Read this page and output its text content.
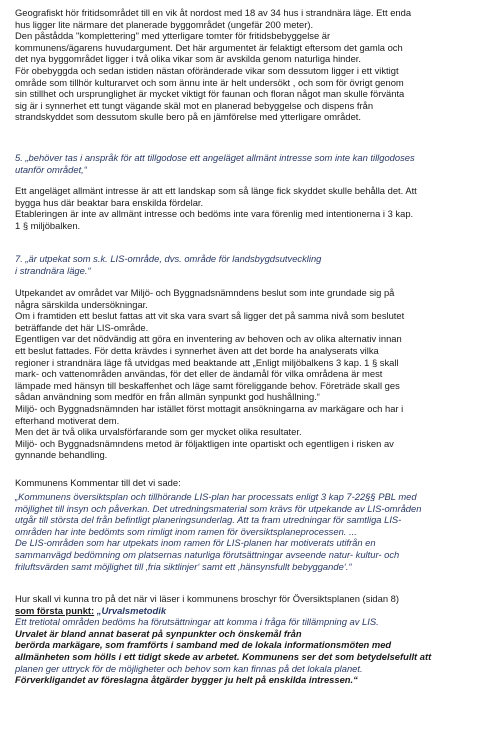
Geografiskt hör fritidsområdet till en vik åt nordost med 18 av 34 hus i strandnära läge. Ett enda
hus ligger lite närmare det planerade byggområdet (ungefär 200 meter).
Den påstådda "komplettering" med ytterligare tomter för fritidsbebyggelse är
kommunens/ägarens huvudargument. Det här argumentet är felaktigt eftersom det gamla och
det nya byggområdet ligger i två olika vikar som är avskilda genom naturliga hinder.
För obebyggda och sedan istiden nästan oföränderade vikar som dessutom ligger i ett viktigt
område som tillhör kulturarvet och som ännu inte är helt undersökt , och som för övrigt genom
sin stillhet och ursprunglighet är mycket viktigt för faunan och floran något man skulle förvänta
sig är i synnerhet ett tungt vägande skäl mot en planerad bebyggelse och dispens från
strandskyddet som dessutom skulle bero på en jämförelse med ytterligare området.
5. „behöver tas i anspråk för att tillgodose ett angeläget allmänt intresse som inte kan tillgodoses
utanför området,“
Ett angeläget allmänt intresse är att ett landskap som så länge fick skyddet skulle behålla det. Att
bygga hus där beaktar bara enskilda fördelar.
Etableringen är inte av allmänt intresse och bedöms inte vara förenlig med intentionerna i 3 kap.
1 § miljöbalken.
7. „är utpekat som s.k. LIS-område, dvs. område för landsbygdsutveckling
i strandnära läge.“
Utpekandet av området var Miljö- och Byggnadsnämndens beslut som inte grundade sig på
några särskilda undersökningar.
Om i framtiden ett beslut fattas att vit ska vara svart så ligger det på samma nivå som beslutet
beträffande det här LIS-område.
Egentligen var det nödvändig att göra en inventering av behoven och av olika alternativ innan
ett beslut fattades. För detta krävdes i synnerhet även att det borde ha analyserats vilka
regioner i strandnära läge få utvidgas med beaktande att „Enligt miljöbalkens 3 kap. 1 § skall
mark- och vattenområden användas, för det eller de ändamål för vilka områdena är mest
lämpade med hänsyn till beskaffenhet och läge samt föreliggande behov. Företräde skall ges
sådan användning som medför en från allmän synpunkt god hushållning.“
Miljö- och Byggnadsnämnden har istället först mottagit ansökningarna av markägare och har i
efterhand motiverat dem.
Men det är två olika urvalsförfarande som ger mycket olika resultater.
Miljö- och Byggnadsnämndens metod är följaktligen inte opartiskt och egentligen i risken av
gynnande behandling.
Kommunens Kommentar till det vi sade:
„Kommunens översiktsplan och tillhörande LIS-plan har processats enligt 3 kap 7-22§§ PBL med
möjlighet till insyn och påverkan. Det utredningsmaterial som krävs för utpekande av LIS-områden
utgår till största del från befintligt planeringsunderlag. Att ta fram utredningar för samtliga LIS-
områden har inte bedömts som rimligt inom ramen för översiktsplaneprocessen. ...
De LIS-områden som har utpekats inom ramen för LIS-planen har motiverats utifrån en
sammanvägd bedömning om platsernas naturliga förutsättningar avseende natur- kultur- och
friluftsvärden samt möjlighet till ‚fria siktlinjer‘ samt ett ‚hänsynsfullt bebyggande‘.“
Hur skall vi kunna tro på det när vi läser i kommunens broschyr för Översiktsplanen (sidan 8)
som första punkt: „Urvalsmetodik
Ett tretiotal områden bedöms ha förutsättningar att komma i fråga för tillämpning av LIS.
Urvalet är bland annat baserat på synpunkter och önskemål från
berörda markägare, som framförts i samband med de lokala informationsmöten med
allmänheten som hölls i ett tidigt skede av arbetet. Kommunens ser det som betydelsefullt att
planen ger uttryck för de möjligheter och behov som kan finnas på det lokala planet.
Förverkligandet av föreslagna åtgärder bygger ju helt på enskilda intressen.“
